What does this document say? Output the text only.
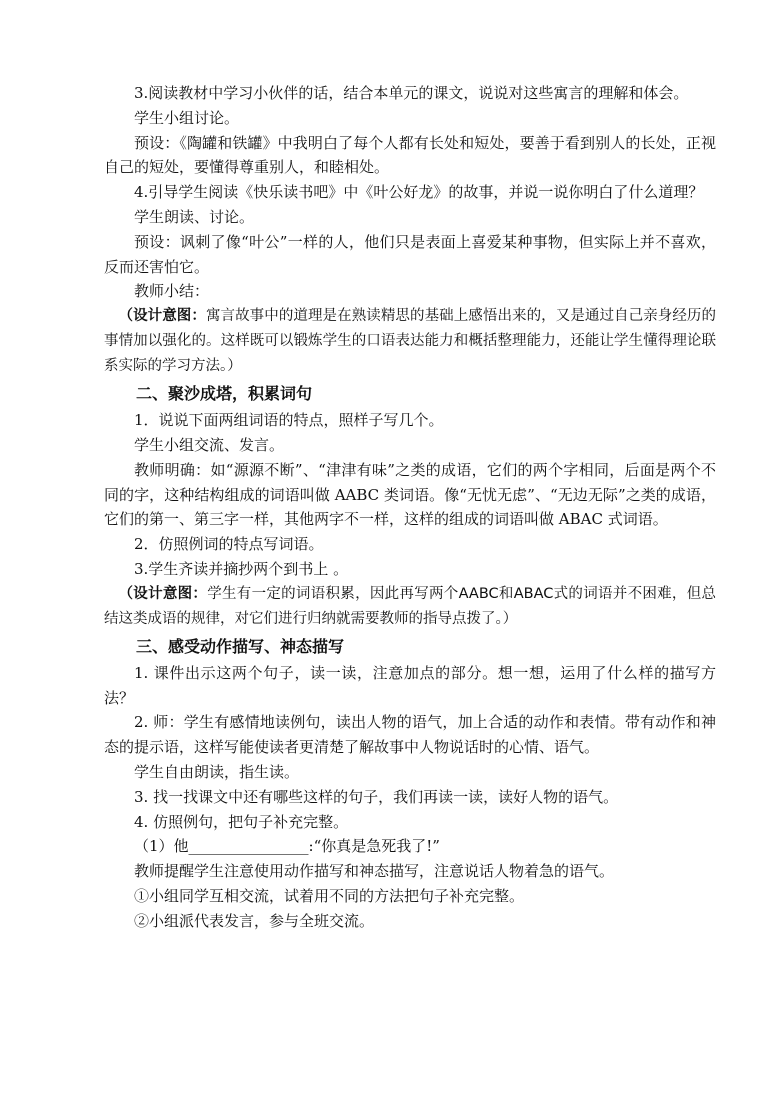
3.阅读教材中学习小伙伴的话，结合本单元的课文，说说对这些寓言的理解和体会。

学生小组讨论。

预设：《陶罐和铁罐》中我明白了每个人都有长处和短处，要善于看到别人的长处，正视自己的短处，要懂得尊重别人，和睦相处。

4.引导学生阅读《快乐读书吧》中《叶公好龙》的故事，并说一说你明白了什么道理？

学生朗读、讨论。

预设：讽刺了像“叶公”一样的人，他们只是表面上喜爱某种事物，但实际上并不喜欢，反而还害怕它。

教师小结：

（设计意图：寓言故事中的道理是在熟读精思的基础上感悟出来的，又是通过自己亲身经历的事情加以强化的。这样既可以锻炼学生的口语表达能力和概括整理能力，还能让学生懂得理论联系实际的学习方法。）

二、聚沙成塔，积累词句

1．说说下面两组词语的特点，照样子写几个。

学生小组交流、发言。

教师明确：如“源源不断”、“津津有味”之类的成语，它们的两个字相同，后面是两个不同的字，这种结构组成的词语叫做 AABC 类词语。像“无忧无虑”、“无边无际”之类的成语，它们的第一、第三字一样，其他两字不一样，这样的组成的词语叫做 ABAC 式词语。

2．仿照例词的特点写词语。

3.学生齐读并摘抄两个到书上 。

（设计意图：学生有一定的词语积累，因此再写两个AABC和ABAC式的词语并不困难，但总结这类成语的规律，对它们进行归纳就需要教师的指导点拨了。）

三、感受动作描写、神态描写

1. 课件出示这两个句子，读一读，注意加点的部分。想一想，运用了什么样的描写方法？

2. 师：学生有感情地读例句，读出人物的语气，加上合适的动作和表情。带有动作和神态的提示语，这样写能使读者更清楚了解故事中人物说话时的心情、语气。

学生自由朗读，指生读。

3. 找一找课文中还有哪些这样的句子，我们再读一读，读好人物的语气。

4. 仿照例句，把句子补充完整。

（1）他________________:“你真是急死我了!”

教师提醒学生注意使用动作描写和神态描写，注意说话人物着急的语气。

①小组同学互相交流，试着用不同的方法把句子补充完整。

②小组派代表发言，参与全班交流。
